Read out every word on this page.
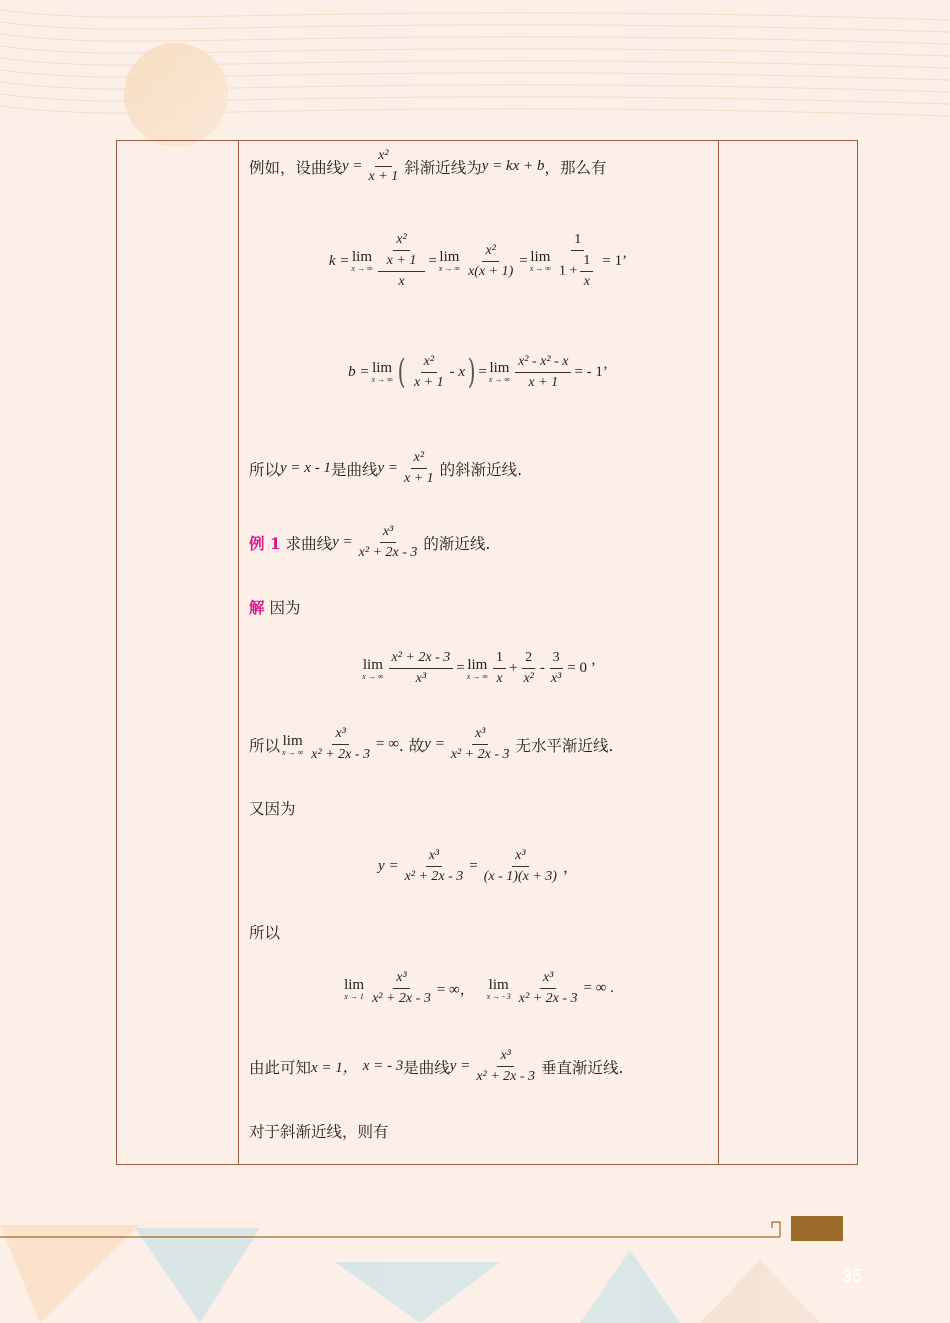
例如，设曲线 $y = \frac{\text{x²}}{x + 1}$ 斜渐近线为 y = kx + b ，那么有
k = lim
x → ∞ $\frac{\frac{\text{x²}}{x + 1}}{x} = \lim$
x → ∞ $\frac{\text{x²}}{x(x + 1)} = \lim$
x → ∞ $\frac{1}{1 + \frac{1}{x}} = 1$’
b = lim
x → ∞ ( $\frac{\text{x²}}{x + 1}$ - x ) = lim
x → ∞ $\frac{\text{x² - x² - x}}{x + 1}$ = - 1’
所以 y = x - 1 是曲线 $y = \frac{\text{x²}}{x + 1}$ 的斜渐近线.
例 1
求曲线 $y = \frac{\text{x³}}{\text{x² + 2x - 3}}$ 的渐近线.
解
因为
lim
x → ∞ $\frac{\text{x² + 2x - 3}}{\text{x³}} = \lim$
x → ∞ $\frac{1}{x} + \frac{2}{\text{x²}} - \frac{3}{\text{x³}} = 0$ ’
所以 lim
x → ∞ $\frac{\text{x³}}{\text{x² + 2x - 3}}$ = ∞ . 故 $y = \frac{\text{x³}}{\text{x² + 2x - 3}}$ 无水平渐近线.
又因为
$y = \frac{\text{x³}}{\text{x² + 2x - 3}} = \frac{\text{x³}}{(x - 1)(x + 3)}$ ，
所以
lim
$x \to 1 \frac{\text{x³}}{\text{x² + 2x - 3}}$ = ∞，
lim
x → - $3 \frac{\text{x³}}{\text{x² + 2x - 3}}$ = ∞ .
由此可知 x = 1，
x = - 3 是曲线 $y = \frac{\text{x³}}{\text{x² + 2x - 3}}$ 垂直渐近线.
对于斜渐近线，则有
35
